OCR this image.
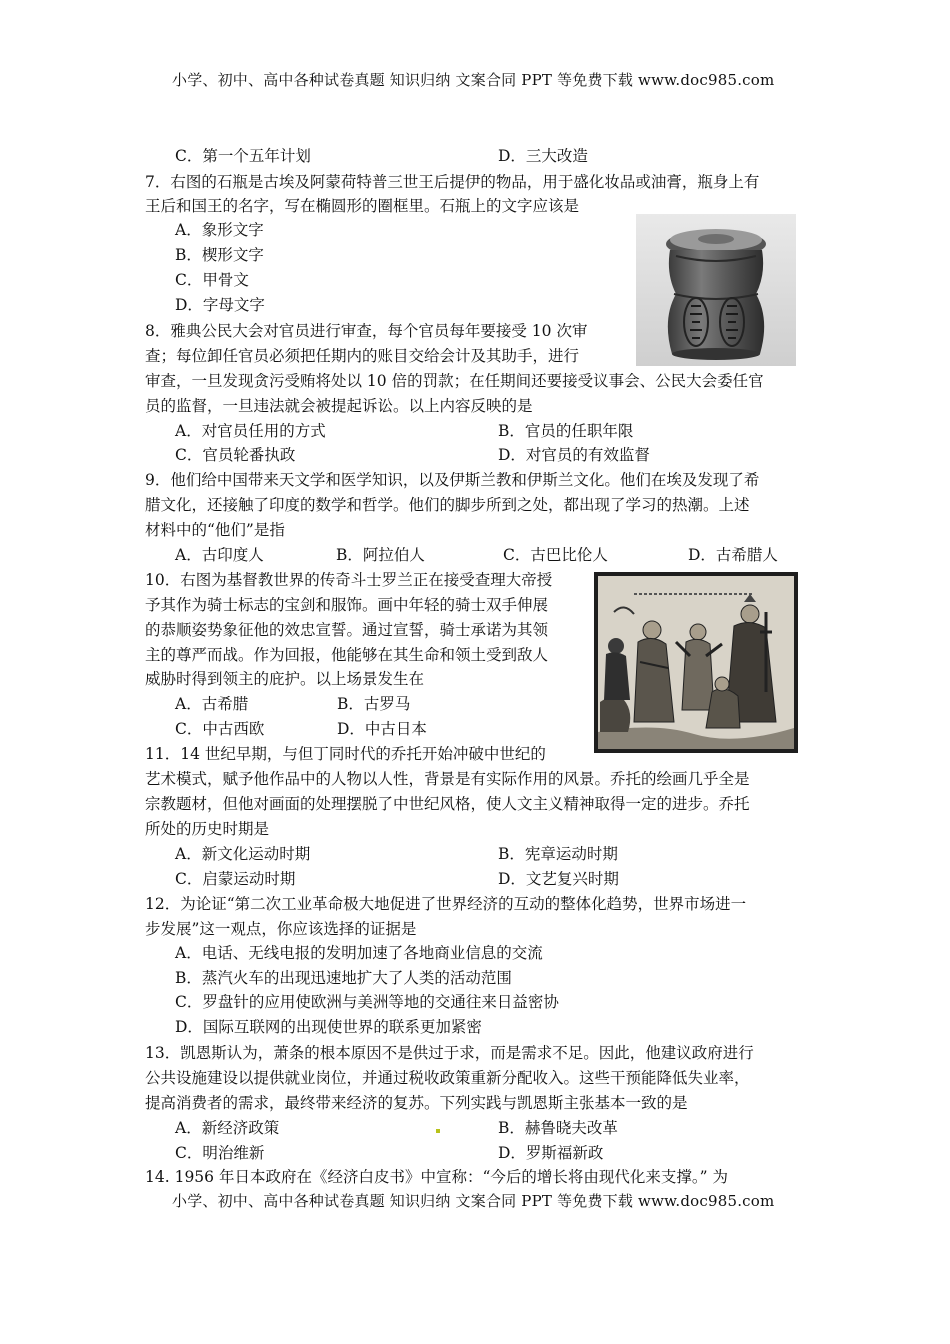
小学、初中、高中各种试卷真题 知识归纳 文案合同 PPT 等免费下载 www.doc985.com
C．第一个五年计划	D．三大改造
7．右图的石瓶是古埃及阿蒙荷特普三世王后提伊的物品，用于盛化妆品或油膏，瓶身上有
王后和国王的名字，写在椭圆形的圈框里。石瓶上的文字应该是
A．象形文字
B．楔形文字
C．甲骨文
D．字母文字
8．雅典公民大会对官员进行审查，每个官员每年要接受 10 次审
查；每位卸任官员必须把任期内的账目交给会计及其助手，进行
审查，一旦发现贪污受贿将处以 10 倍的罚款；在任期间还要接受议事会、公民大会委任官
员的监督，一旦违法就会被提起诉讼。以上内容反映的是
A．对官员任用的方式	B．官员的任职年限
C．官员轮番执政	D．对官员的有效监督
9．他们给中国带来天文学和医学知识，以及伊斯兰教和伊斯兰文化。他们在埃及发现了希
腊文化，还接触了印度的数学和哲学。他们的脚步所到之处，都出现了学习的热潮。上述
材料中的“他们”是指
A．古印度人	B．阿拉伯人	C．古巴比伦人	D．古希腊人
10．右图为基督教世界的传奇斗士罗兰正在接受查理大帝授
予其作为骑士标志的宝剑和服饰。画中年轻的骑士双手伸展
的恭顺姿势象征他的效忠宣誓。通过宣誓，骑士承诺为其领
主的尊严而战。作为回报，他能够在其生命和领土受到敌人
威胁时得到领主的庇护。以上场景发生在
A．古希腊	B．古罗马
C．中古西欧	D．中古日本
11．14 世纪早期，与但丁同时代的乔托开始冲破中世纪的
艺术模式，赋予他作品中的人物以人性，背景是有实际作用的风景。乔托的绘画几乎全是
宗教题材，但他对画面的处理摆脱了中世纪风格，使人文主义精神取得一定的进步。乔托
所处的历史时期是
A．新文化运动时期	B．宪章运动时期
C．启蒙运动时期	D．文艺复兴时期
12．为论证“第二次工业革命极大地促进了世界经济的互动的整体化趋势，世界市场进一
步发展”这一观点，你应该选择的证据是
A．电话、无线电报的发明加速了各地商业信息的交流
B．蒸汽火车的出现迅速地扩大了人类的活动范围
C．罗盘针的应用使欧洲与美洲等地的交通往来日益密协
D．国际互联网的出现使世界的联系更加紧密
13．凯恩斯认为，萧条的根本原因不是供过于求，而是需求不足。因此，他建议政府进行
公共设施建设以提供就业岗位，并通过税收政策重新分配收入。这些干预能降低失业率，
提高消费者的需求，最终带来经济的复苏。下列实践与凯恩斯主张基本一致的是
A．新经济政策	B．赫鲁晓夫改革
C．明治维新	D．罗斯福新政
14. 1956 年日本政府在《经济白皮书》中宣称：“今后的增长将由现代化来支撑。” 为
小学、初中、高中各种试卷真题 知识归纳 文案合同 PPT 等免费下载 www.doc985.com
